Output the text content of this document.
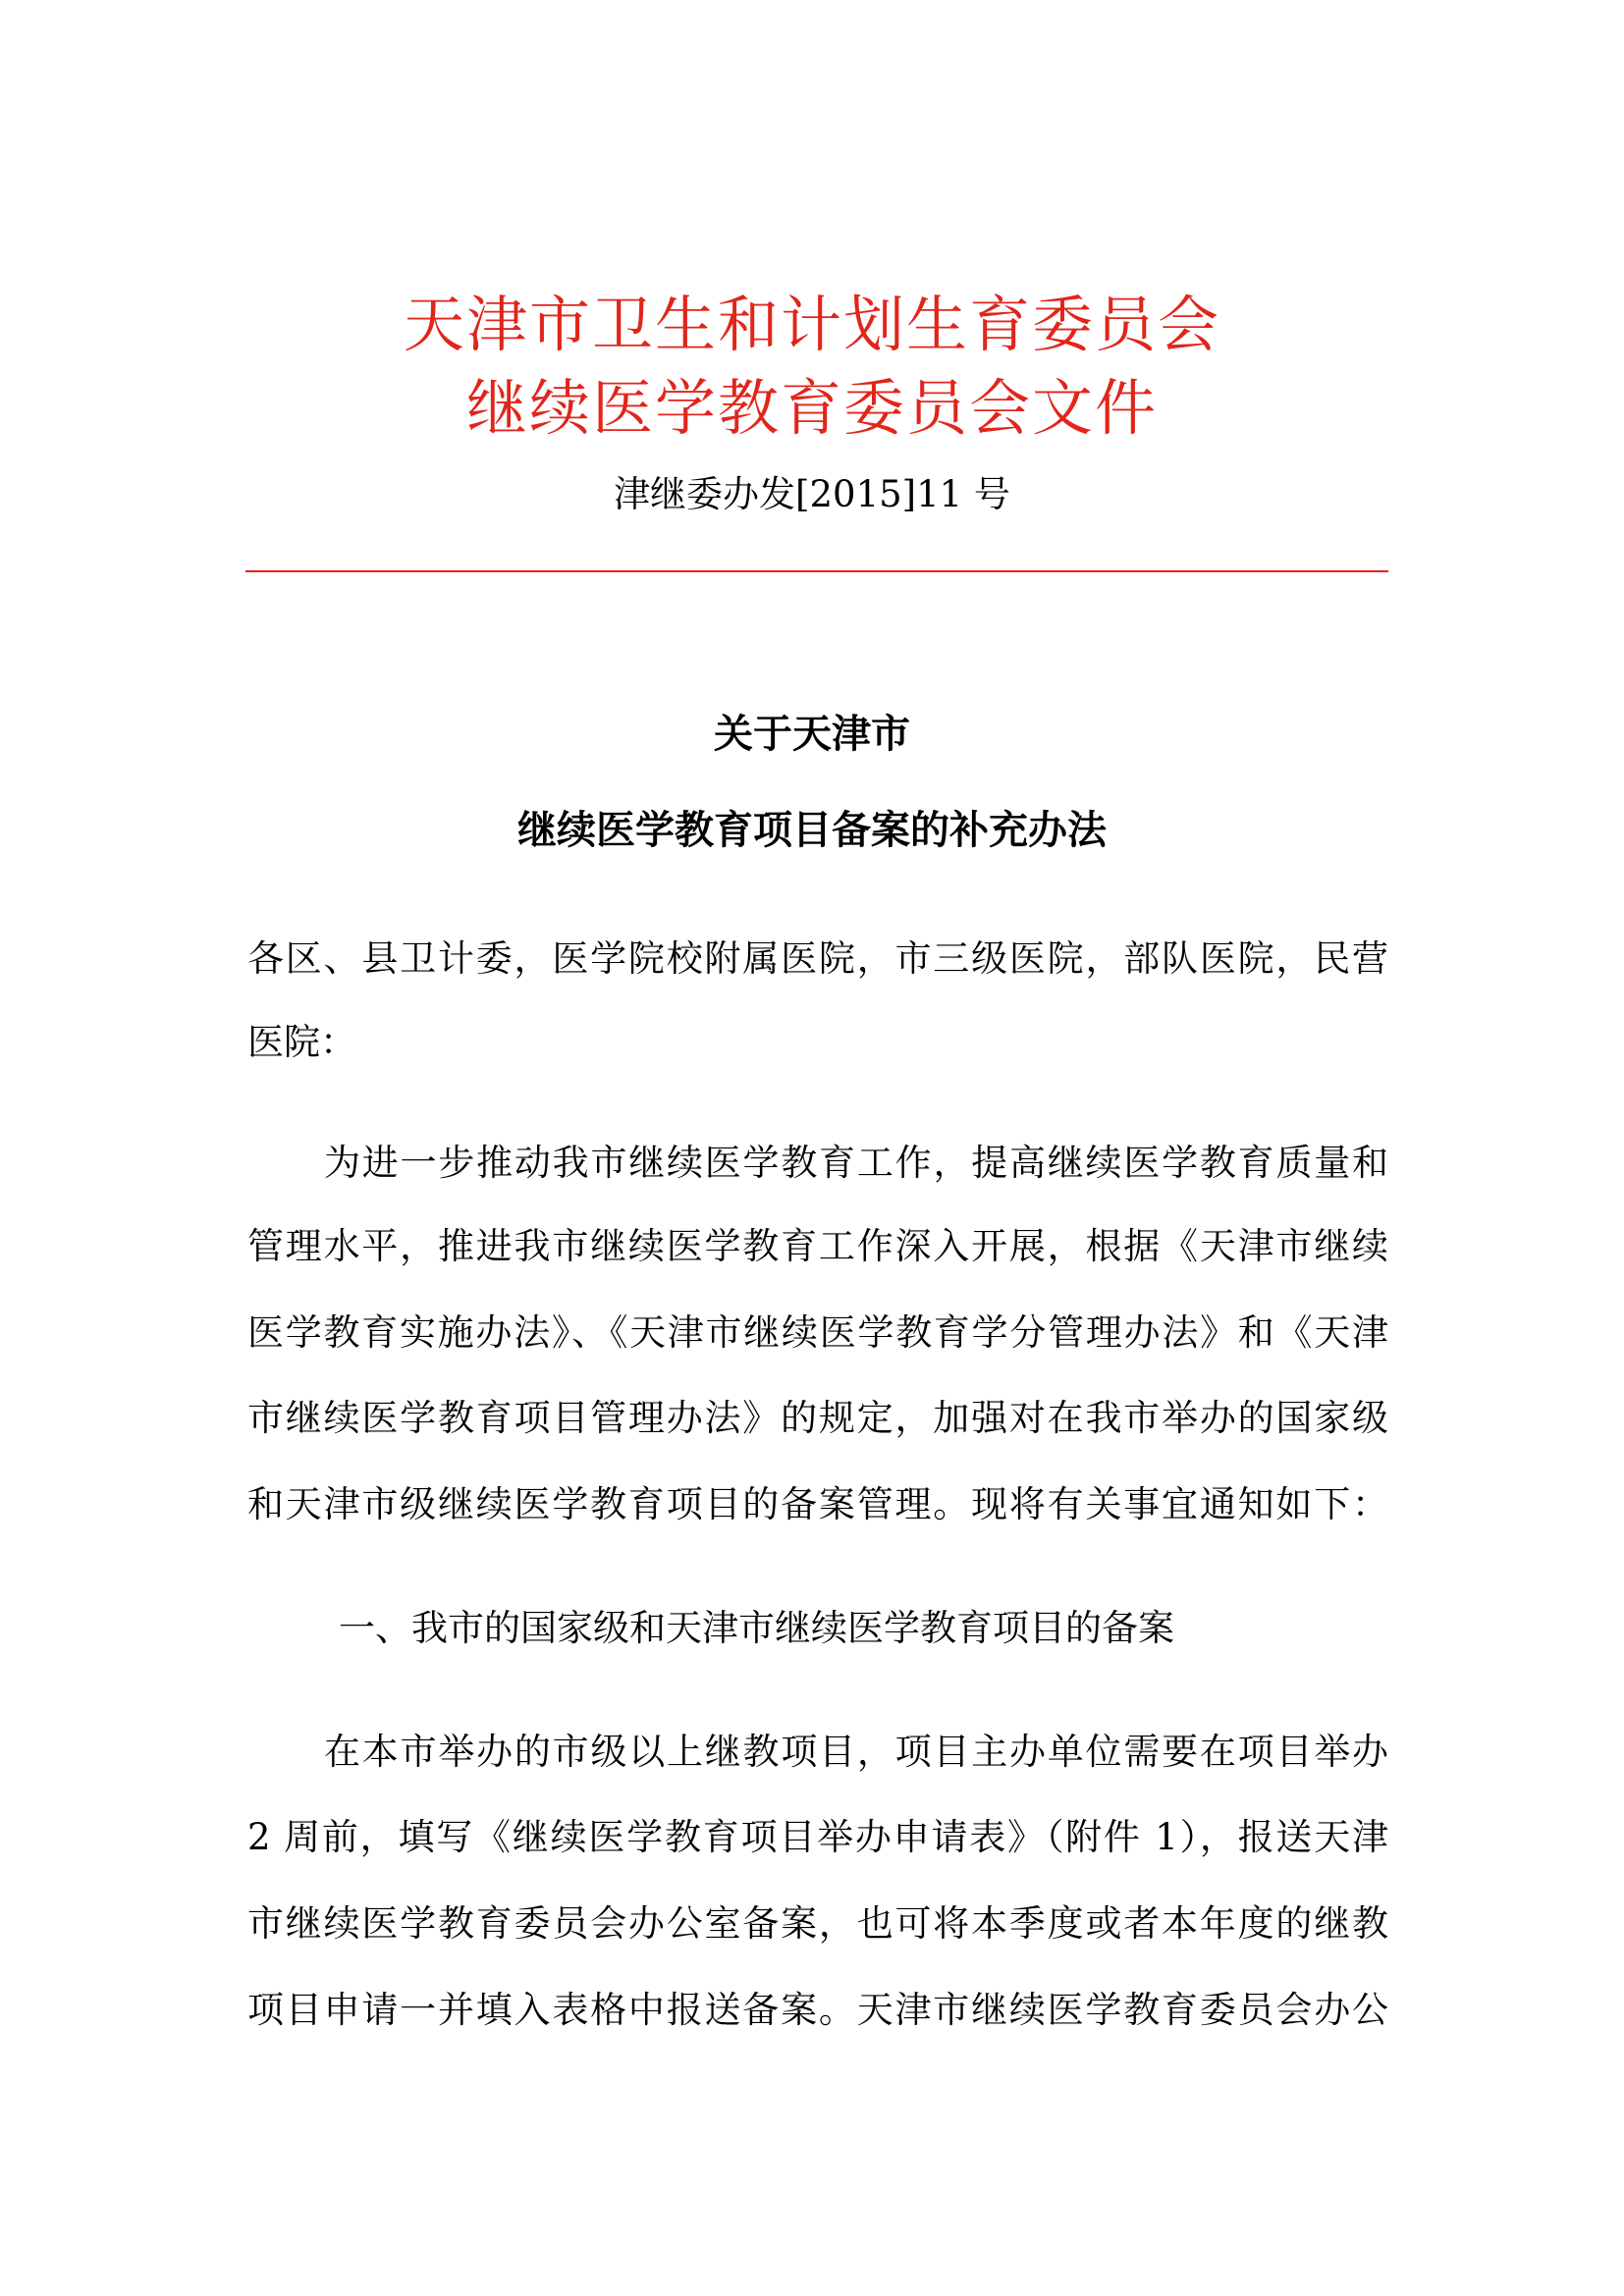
天津市卫生和计划生育委员会
继续医学教育委员会文件
津继委办发[2015]11 号
关于天津市
继续医学教育项目备案的补充办法
各区、县卫计委，医学院校附属医院，市三级医院，部队医院，民营
医院：
为进一步推动我市继续医学教育工作，提高继续医学教育质量和
管理水平，推进我市继续医学教育工作深入开展，根据《天津市继续
医学教育实施办法》、《天津市继续医学教育学分管理办法》和《天津
市继续医学教育项目管理办法》的规定，加强对在我市举办的国家级
和天津市级继续医学教育项目的备案管理。现将有关事宜通知如下：
一、我市的国家级和天津市继续医学教育项目的备案
在本市举办的市级以上继教项目，项目主办单位需要在项目举办
2 周前，填写《继续医学教育项目举办申请表》（附件 1），报送天津
市继续医学教育委员会办公室备案，也可将本季度或者本年度的继教
项目申请一并填入表格中报送备案。天津市继续医学教育委员会办公
